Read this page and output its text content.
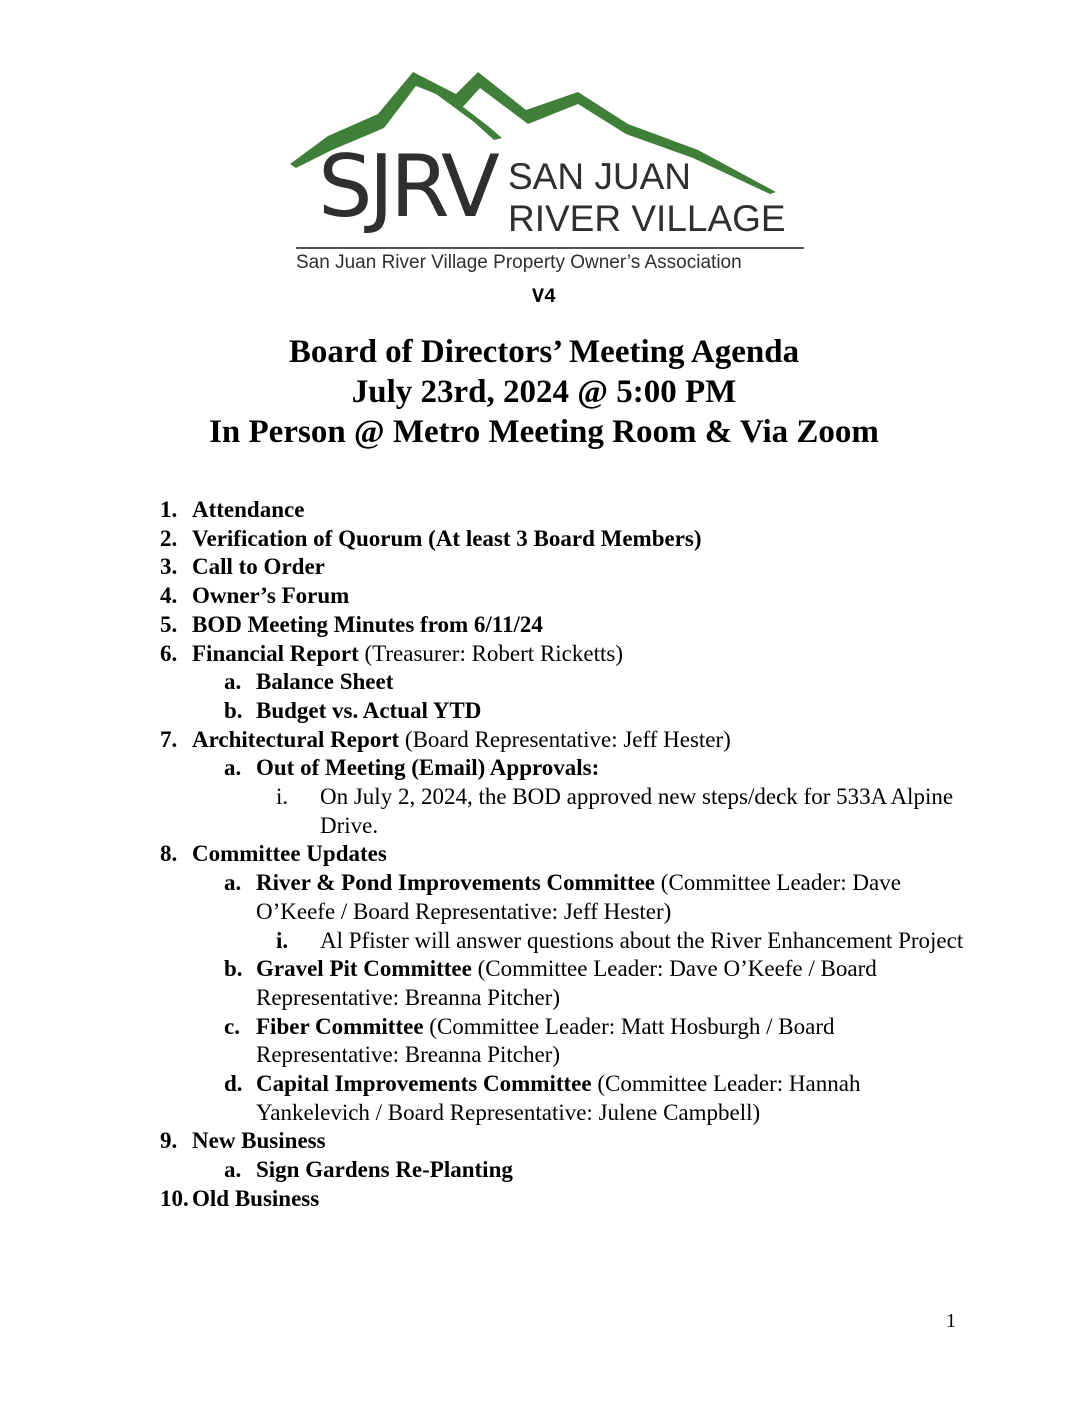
SJRV SAN JUAN
RIVER VILLAGE
San Juan River Village Property Owner’s Association
V4
Board of Directors’ Meeting Agenda
July 23rd, 2024 @ 5:00 PM
In Person @ Metro Meeting Room & Via Zoom
1. Attendance
2. Verification of Quorum (At least 3 Board Members)
3. Call to Order
4. Owner’s Forum
5. BOD Meeting Minutes from 6/11/24
6. Financial Report (Treasurer: Robert Ricketts)
a. Balance Sheet
b. Budget vs. Actual YTD
7. Architectural Report (Board Representative: Jeff Hester)
a. Out of Meeting (Email) Approvals:
i. On July 2, 2024, the BOD approved new steps/deck for 533A Alpine Drive.
8. Committee Updates
a. River & Pond Improvements Committee (Committee Leader: Dave O’Keefe / Board Representative: Jeff Hester)
i. Al Pfister will answer questions about the River Enhancement Project
b. Gravel Pit Committee (Committee Leader: Dave O’Keefe / Board Representative: Breanna Pitcher)
c. Fiber Committee (Committee Leader: Matt Hosburgh / Board Representative: Breanna Pitcher)
d. Capital Improvements Committee (Committee Leader: Hannah Yankelevich / Board Representative: Julene Campbell)
9. New Business
a. Sign Gardens Re-Planting
10. Old Business
1
